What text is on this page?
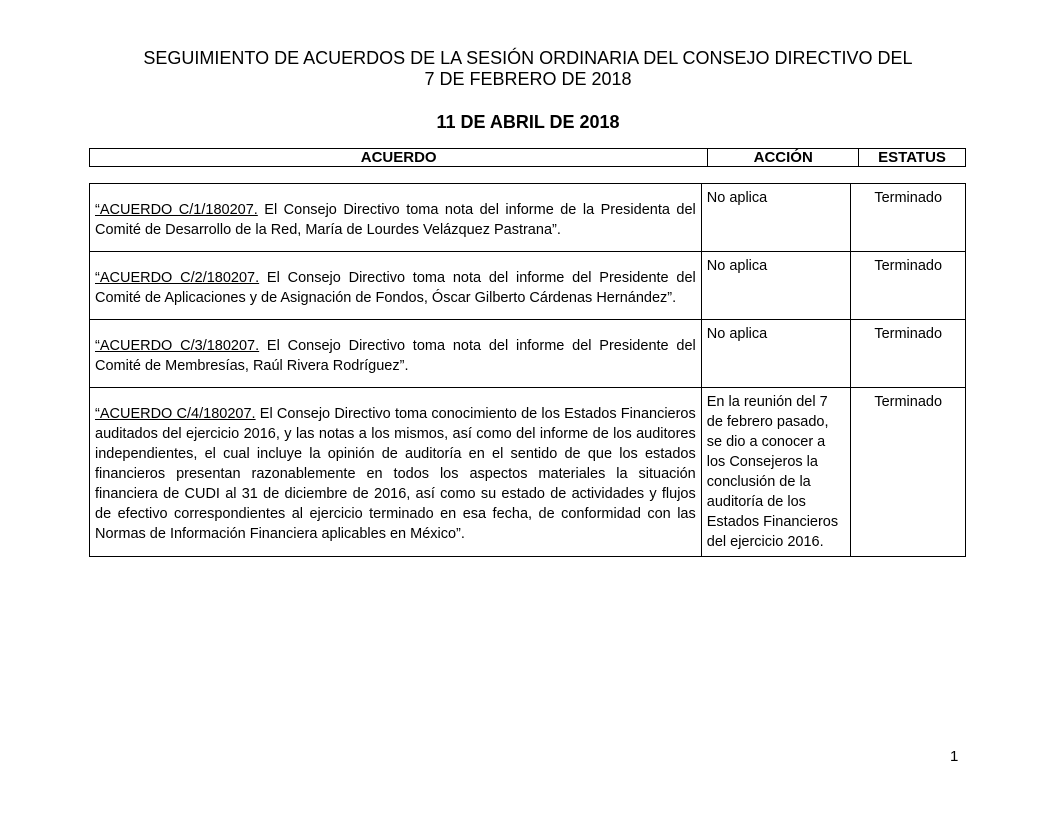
SEGUIMIENTO DE ACUERDOS DE LA SESIÓN ORDINARIA DEL CONSEJO DIRECTIVO DEL
7 DE FEBRERO DE 2018
11 DE ABRIL DE 2018
ACUERDO	ACCIÓN	ESTATUS
“ACUERDO C/1/180207. El Consejo Directivo toma nota del informe de la Presidenta del Comité de Desarrollo de la Red, María de Lourdes Velázquez Pastrana”.	No aplica	Terminado
“ACUERDO C/2/180207. El Consejo Directivo toma nota del informe del Presidente del Comité de Aplicaciones y de Asignación de Fondos, Óscar Gilberto Cárdenas Hernández”.	No aplica	Terminado
“ACUERDO C/3/180207. El Consejo Directivo toma nota del informe del Presidente del Comité de Membresías, Raúl Rivera Rodríguez”.	No aplica	Terminado
“ACUERDO C/4/180207. El Consejo Directivo toma conocimiento de los Estados Financieros auditados del ejercicio 2016, y las notas a los mismos, así como del informe de los auditores independientes, el cual incluye la opinión de auditoría en el sentido de que los estados financieros presentan razonablemente en todos los aspectos materiales la situación financiera de CUDI al 31 de diciembre de 2016, así como su estado de actividades y flujos de efectivo correspondientes al ejercicio terminado en esa fecha, de conformidad con las Normas de Información Financiera aplicables en México”.	En la reunión del 7 de febrero pasado, se dio a conocer a los Consejeros la conclusión de la auditoría de los Estados Financieros del ejercicio 2016.	Terminado
1
